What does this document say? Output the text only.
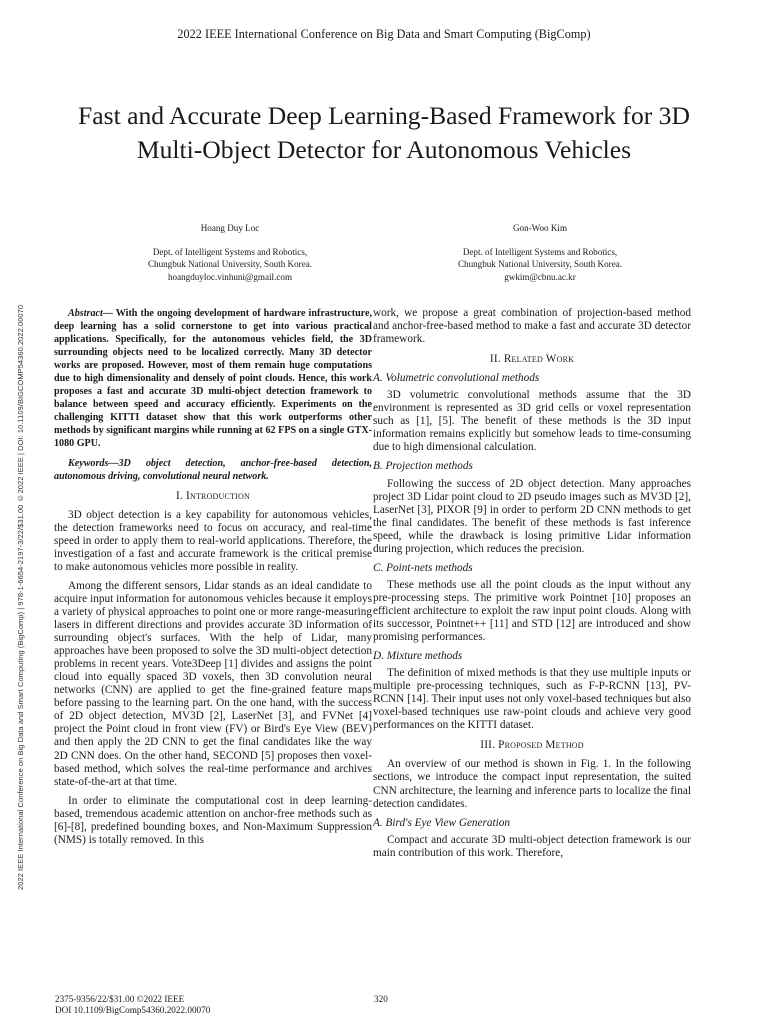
2022 IEEE International Conference on Big Data and Smart Computing (BigComp)
Fast and Accurate Deep Learning-Based Framework for 3D Multi-Object Detector for Autonomous Vehicles
Hoang Duy Loc
Dept. of Intelligent Systems and Robotics,
Chungbuk National University, South Korea.
hoangduyloc.vinhuni@gmail.com
Gon-Woo Kim
Dept. of Intelligent Systems and Robotics,
Chungbuk National University, South Korea.
gwkim@cbnu.ac.kr
2022 IEEE International Conference on Big Data and Smart Computing (BigComp) | 978-1-6654-2197-3/22/$31.00 ©2022 IEEE | DOI: 10.1109/BIGCOMP54360.2022.00070	Abstract— With the ongoing development of hardware infrastructure, deep learning has a solid cornerstone to get into various practical applications. Specifically, for the autonomous vehicles field, the 3D surrounding objects need to be localized correctly. Many 3D detector works are proposed. However, most of them remain huge computations due to high dimensionality and densely of point clouds. Hence, this work proposes a fast and accurate 3D multi-object detection framework to balance between speed and accuracy efficiently. Experiments on the challenging KITTI dataset show that this work outperforms other methods by significant margins while running at 62 FPS on a single GTX-1080 GPU.

Keywords—3D object detection, anchor-free-based detection, autonomous driving, convolutional neural network.

I. Introduction

3D object detection is a key capability for autonomous vehicles, the detection frameworks need to focus on accuracy, and real-time speed in order to apply them to real-world applications. Therefore, the investigation of a fast and accurate framework is the critical premise to make autonomous vehicles more possible in reality.

Among the different sensors, Lidar stands as an ideal candidate to acquire input information for autonomous vehicles because it employs a variety of physical approaches to point one or more range-measuring lasers in different directions and provides accurate 3D information of surrounding object's surfaces. With the help of Lidar, many approaches have been proposed to solve the 3D multi-object detection problems in recent years. Vote3Deep [1] divides and assigns the point cloud into equally spaced 3D voxels, then 3D convolution neural networks (CNN) are applied to get the fine-grained feature maps before passing to the learning part. On the one hand, with the success of 2D object detection, MV3D [2], LaserNet [3], and FVNet [4] project the Point cloud in front view (FV) or Bird's Eye View (BEV) and then apply the 2D CNN to get the final candidates like the way 2D CNN does. On the other hand, SECOND [5] proposes then voxel-based method, which solves the real-time performance and archives state-of-the-art at that time.

In order to eliminate the computational cost in deep learning-based, tremendous academic attention on anchor-free methods such as [6]-[8], predefined bounding boxes, and Non-Maximum Suppression (NMS) is totally removed. In this

work, we propose a great combination of projection-based method and anchor-free-based method to make a fast and accurate 3D detector framework.

II. Related Work
A. Volumetric convolutional methods

3D volumetric convolutional methods assume that the 3D environment is represented as 3D grid cells or voxel representation such as [1], [5]. The benefit of these methods is the 3D input information remains explicitly but somehow leads to time-consuming due to high dimensional calculation.

B. Projection methods

Following the success of 2D object detection. Many approaches project 3D Lidar point cloud to 2D pseudo images such as MV3D [2], LaserNet [3], PIXOR [9] in order to perform 2D CNN methods to get the final candidates. The benefit of these methods is fast inference speed, while the drawback is losing primitive Lidar information during projection, which reduces the precision.

C. Point-nets methods

These methods use all the point clouds as the input without any pre-processing steps. The primitive work Pointnet [10] proposes an efficient architecture to exploit the raw input point clouds. Along with its successor, Pointnet++ [11] and STD [12] are introduced and show promising performances.

D. Mixture methods

The definition of mixed methods is that they use multiple inputs or multiple pre-processing techniques, such as F-P-RCNN [13], PV-RCNN [14]. Their input uses not only voxel-based techniques but also voxel-based techniques use raw-point clouds and achieve very good performances on the KITTI dataset.

III. Proposed Method

An overview of our method is shown in Fig. 1. In the following sections, we introduce the compact input representation, the suited CNN architecture, the learning and inference parts to localize the final detection candidates.

A. Bird's Eye View Generation

Compact and accurate 3D multi-object detection framework is our main contribution of this work. Therefore,

2375-9356/22/$31.00 ©2022 IEEE
DOI 10.1109/BigComp54360.2022.00070
320
